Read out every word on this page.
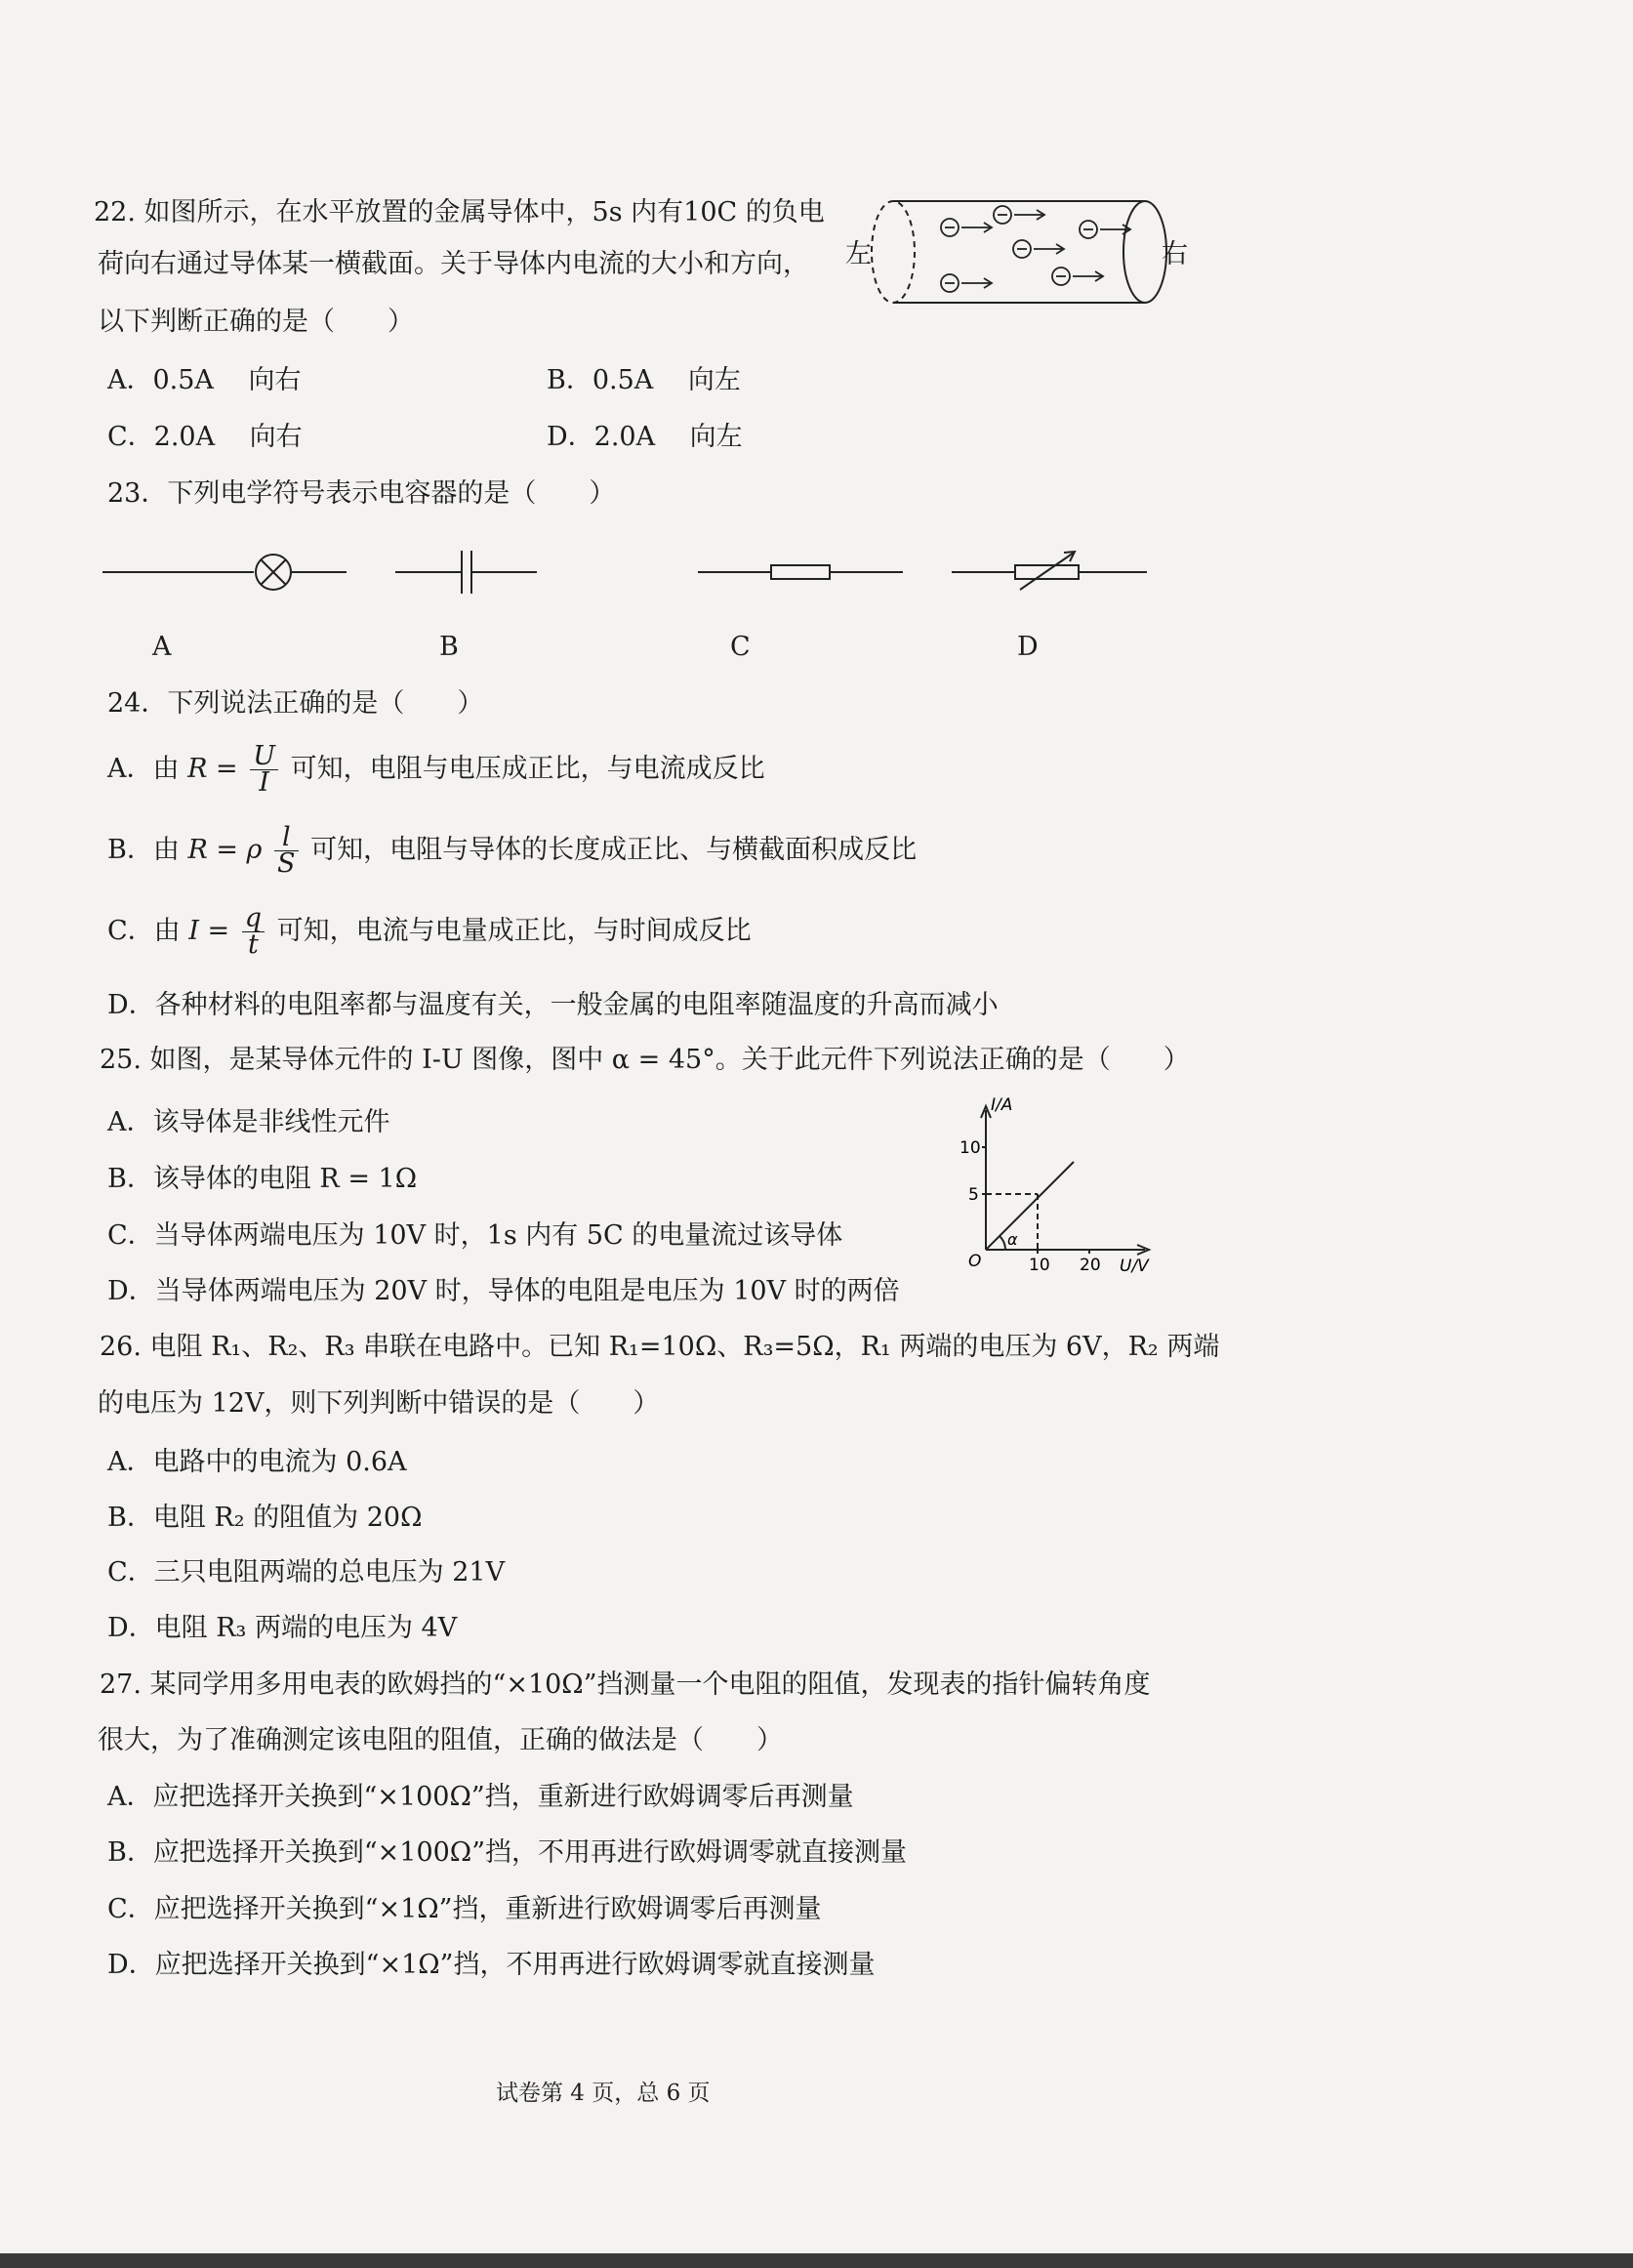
22. 如图所示，在水平放置的金属导体中，5s 内有10C 的负电
荷向右通过导体某一横截面。关于导体内电流的大小和方向，
以下判断正确的是（　　）
A．0.5A　 向右	B．0.5A　 向左
C．2.0A　 向右	D．2.0A　 向左
左	右
23．下列电学符号表示电容器的是（　　）
A	B	C	D
24．下列说法正确的是（　　）
A．由 $R = \frac{U}{I}$ 可知，电阻与电压成正比，与电流成反比
B．由 R = ρ $\frac{l}{S}$ 可知，电阻与导体的长度成正比、与横截面积成反比
C．由 $I = \frac{q}{t}$ 可知，电流与电量成正比，与时间成反比
D．各种材料的电阻率都与温度有关，一般金属的电阻率随温度的升高而减小
25. 如图，是某导体元件的 I-U 图像，图中 α = 45°。关于此元件下列说法正确的是（　　）
A．该导体是非线性元件
B．该导体的电阻 R = 1Ω
C．当导体两端电压为 10V 时，1s 内有 5C 的电量流过该导体
D．当导体两端电压为 20V 时，导体的电阻是电压为 10V 时的两倍
I/A
10
5
O
α
10 20 U/V
26. 电阻 R₁、R₂、R₃ 串联在电路中。已知 R₁=10Ω、R₃=5Ω，R₁ 两端的电压为 6V，R₂ 两端
的电压为 12V，则下列判断中错误的是（　　）
A．电路中的电流为 0.6A
B．电阻 R₂ 的阻值为 20Ω
C．三只电阻两端的总电压为 21V
D．电阻 R₃ 两端的电压为 4V
27. 某同学用多用电表的欧姆挡的“×10Ω”挡测量一个电阻的阻值，发现表的指针偏转角度
很大，为了准确测定该电阻的阻值，正确的做法是（　　）
A．应把选择开关换到“×100Ω”挡，重新进行欧姆调零后再测量
B．应把选择开关换到“×100Ω”挡，不用再进行欧姆调零就直接测量
C．应把选择开关换到“×1Ω”挡，重新进行欧姆调零后再测量
D．应把选择开关换到“×1Ω”挡，不用再进行欧姆调零就直接测量
试卷第 4 页，总 6 页
